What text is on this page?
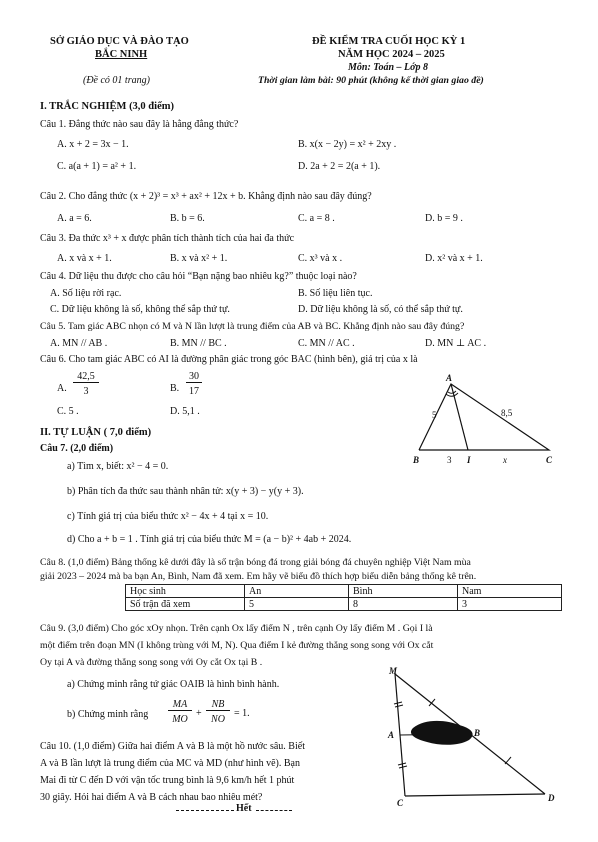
SỞ GIÁO DỤC VÀ ĐÀO TẠO
BẮC NINH
(Đề có 01 trang)
ĐỀ KIỂM TRA CUỐI HỌC KỲ 1
NĂM HỌC 2024 – 2025
Môn: Toán – Lớp 8
Thời gian làm bài: 90 phút (không kể thời gian giao đề)
I. TRẮC NGHIỆM (3,0 điểm)
Câu 1. Đẳng thức nào sau đây là hằng đẳng thức?
A. x + 2 = 3x − 1.	B. x(x − 2y) = x² + 2xy .
C. a(a + 1) = a² + 1.	D. 2a + 2 = 2(a + 1).
Câu 2. Cho đẳng thức (x + 2)³ = x³ + ax² + 12x + b. Khẳng định nào sau đây đúng?
A. a = 6.	B. b = 6.	C. a = 8 .	D. b = 9 .
Câu 3. Đa thức x³ + x được phân tích thành tích của hai đa thức
A. x và x + 1.	B. x và x² + 1.	C. x³ và x .	D. x² và x + 1.
Câu 4. Dữ liệu thu được cho câu hỏi “Bạn nặng bao nhiêu kg?” thuộc loại nào?
A. Số liệu rời rạc.	B. Số liệu liên tục.
C. Dữ liệu không là số, không thể sắp thứ tự.	D. Dữ liệu không là số, có thể sắp thứ tự.
Câu 5. Tam giác ABC nhọn có M và N lần lượt là trung điểm của AB và BC. Khẳng định nào sau đây đúng?
A. MN // AB .	B. MN // BC .	C. MN // AC .	D. MN ⊥ AC .
Câu 6. Cho tam giác ABC có AI là đường phân giác trong góc BAC (hình bên), giá trị của x là
A.
42,5
3	B.
30
17
C. 5 .	D. 5,1 .
A
B	C
I
5	8,5
3	x
II. TỰ LUẬN ( 7,0 điểm)
Câu 7. (2,0 điểm)
a) Tìm x, biết: x² − 4 = 0.
b) Phân tích đa thức sau thành nhân tử: x(y + 3) − y(y + 3).
c) Tính giá trị của biểu thức x² − 4x + 4 tại x = 10.
d) Cho a + b = 1 . Tính giá trị của biểu thức M = (a − b)² + 4ab + 2024.
Câu 8. (1,0 điểm) Bảng thống kê dưới đây là số trận bóng đá trong giải bóng đá chuyên nghiệp Việt Nam mùa
giải 2023 – 2024 mà ba bạn An, Bình, Nam đã xem. Em hãy vẽ biểu đồ thích hợp biểu diễn bảng thống kê trên.
Học sinh	An	Bình	Nam
Số trận đã xem	5	8	3
Câu 9. (3,0 điểm) Cho góc xOy nhọn. Trên cạnh Ox lấy điểm N , trên cạnh Oy lấy điểm M . Gọi I là
một điểm trên đoạn MN (I không trùng với M, N). Qua điểm I kẻ đường thẳng song song với Ox cắt
Oy tại A và đường thẳng song song với Oy cắt Ox tại B .
a) Chứng minh rằng tứ giác OAIB là hình bình hành.
b) Chứng minh rằng
MA
MO
+
NB
NO
= 1.
Câu 10. (1,0 điểm) Giữa hai điểm A và B là một hồ nước sâu. Biết
A và B lần lượt là trung điểm của MC và MD (như hình vẽ). Bạn
Mai đi từ C đến D với vận tốc trung bình là 9,6 km/h hết 1 phút
30 giây. Hỏi hai điểm A và B cách nhau bao nhiêu mét?
M
A	B
C	D
Hết
